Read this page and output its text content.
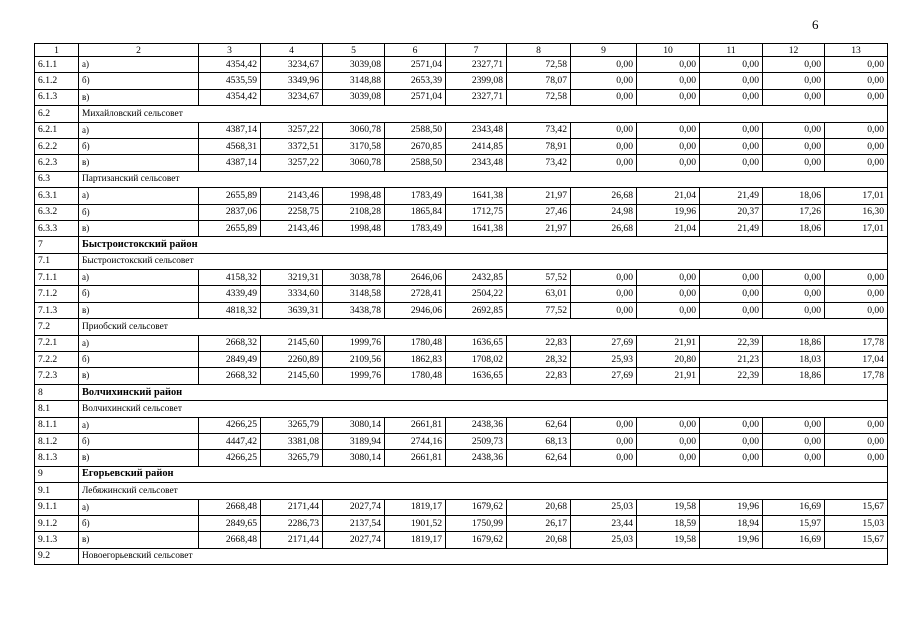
6
1	2	3	4	5	6	7	8	9	10	11	12	13
6.1.1	а)	4354,42	3234,67	3039,08	2571,04	2327,71	72,58	0,00	0,00	0,00	0,00	0,00
6.1.2	б)	4535,59	3349,96	3148,88	2653,39	2399,08	78,07	0,00	0,00	0,00	0,00	0,00
6.1.3	в)	4354,42	3234,67	3039,08	2571,04	2327,71	72,58	0,00	0,00	0,00	0,00	0,00
6.2	Михайловский сельсовет											
6.2.1	а)	4387,14	3257,22	3060,78	2588,50	2343,48	73,42	0,00	0,00	0,00	0,00	0,00
6.2.2	б)	4568,31	3372,51	3170,58	2670,85	2414,85	78,91	0,00	0,00	0,00	0,00	0,00
6.2.3	в)	4387,14	3257,22	3060,78	2588,50	2343,48	73,42	0,00	0,00	0,00	0,00	0,00
6.3	Партизанский сельсовет											
6.3.1	а)	2655,89	2143,46	1998,48	1783,49	1641,38	21,97	26,68	21,04	21,49	18,06	17,01
6.3.2	б)	2837,06	2258,75	2108,28	1865,84	1712,75	27,46	24,98	19,96	20,37	17,26	16,30
6.3.3	в)	2655,89	2143,46	1998,48	1783,49	1641,38	21,97	26,68	21,04	21,49	18,06	17,01
7	Быстроистокский район											
7.1	Быстроистокский сельсовет											
7.1.1	а)	4158,32	3219,31	3038,78	2646,06	2432,85	57,52	0,00	0,00	0,00	0,00	0,00
7.1.2	б)	4339,49	3334,60	3148,58	2728,41	2504,22	63,01	0,00	0,00	0,00	0,00	0,00
7.1.3	в)	4818,32	3639,31	3438,78	2946,06	2692,85	77,52	0,00	0,00	0,00	0,00	0,00
7.2	Приобский сельсовет											
7.2.1	а)	2668,32	2145,60	1999,76	1780,48	1636,65	22,83	27,69	21,91	22,39	18,86	17,78
7.2.2	б)	2849,49	2260,89	2109,56	1862,83	1708,02	28,32	25,93	20,80	21,23	18,03	17,04
7.2.3	в)	2668,32	2145,60	1999,76	1780,48	1636,65	22,83	27,69	21,91	22,39	18,86	17,78
8	Волчихинский район											
8.1	Волчихинский сельсовет											
8.1.1	а)	4266,25	3265,79	3080,14	2661,81	2438,36	62,64	0,00	0,00	0,00	0,00	0,00
8.1.2	б)	4447,42	3381,08	3189,94	2744,16	2509,73	68,13	0,00	0,00	0,00	0,00	0,00
8.1.3	в)	4266,25	3265,79	3080,14	2661,81	2438,36	62,64	0,00	0,00	0,00	0,00	0,00
9	Егорьевский район											
9.1	Лебяжинский сельсовет											
9.1.1	а)	2668,48	2171,44	2027,74	1819,17	1679,62	20,68	25,03	19,58	19,96	16,69	15,67
9.1.2	б)	2849,65	2286,73	2137,54	1901,52	1750,99	26,17	23,44	18,59	18,94	15,97	15,03
9.1.3	в)	2668,48	2171,44	2027,74	1819,17	1679,62	20,68	25,03	19,58	19,96	16,69	15,67
9.2	Новоегорьевский сельсовет											
